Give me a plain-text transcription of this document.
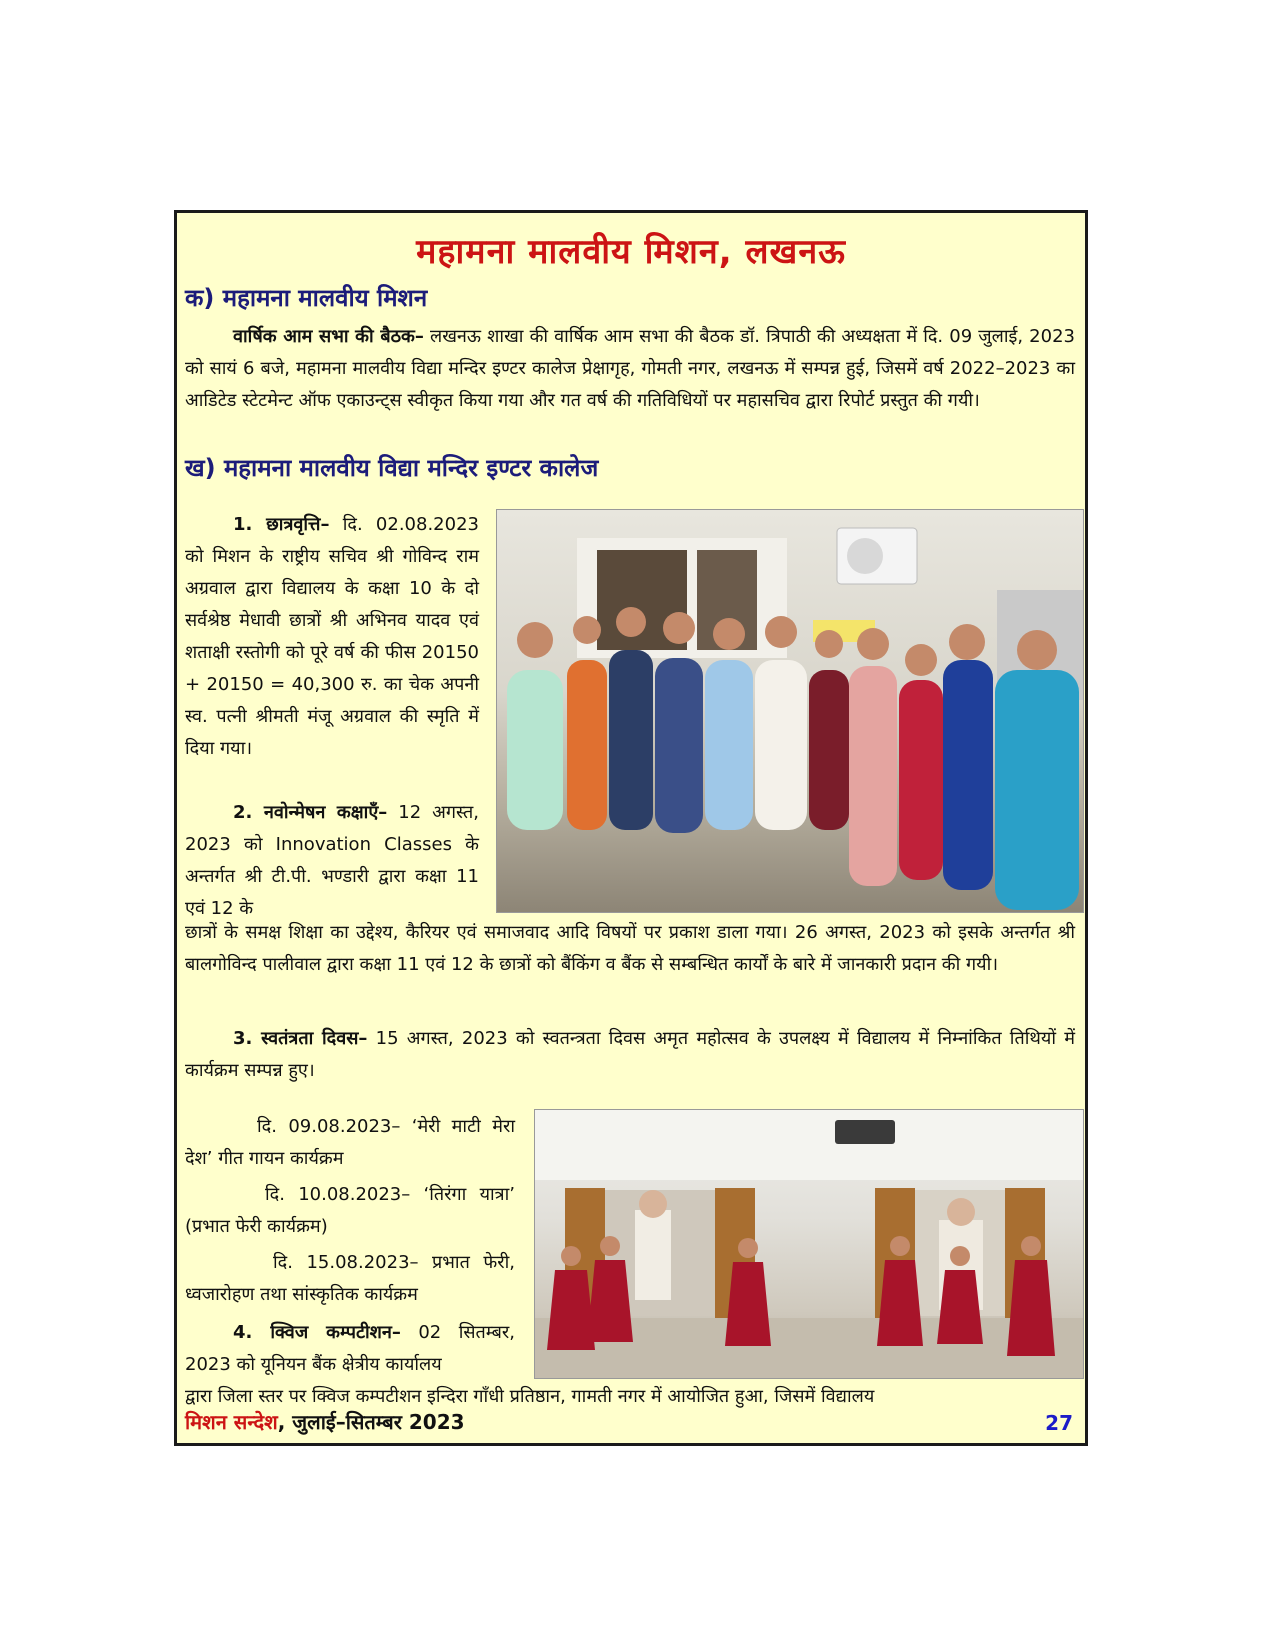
महामना मालवीय मिशन, लखनऊ
क) महामना मालवीय मिशन

वार्षिक आम सभा की बैठक– लखनऊ शाखा की वार्षिक आम सभा की बैठक डॉ. त्रिपाठी की अध्यक्षता में दि. 09 जुलाई, 2023 को सायं 6 बजे, महामना मालवीय विद्या मन्दिर इण्टर कालेज प्रेक्षागृह, गोमती नगर, लखनऊ में सम्पन्न हुई, जिसमें वर्ष 2022–2023 का आडिटेड स्टेटमेन्ट ऑफ एकाउन्ट्स स्वीकृत किया गया और गत वर्ष की गतिविधियों पर महासचिव द्वारा रिपोर्ट प्रस्तुत की गयी।

ख) महामना मालवीय विद्या मन्दिर इण्टर कालेज

1. छात्रवृत्ति– दि. 02.08.2023 को मिशन के राष्ट्रीय सचिव श्री गोविन्द राम अग्रवाल द्वारा विद्यालय के कक्षा 10 के दो सर्वश्रेष्ठ मेधावी छात्रों श्री अभिनव यादव एवं शताक्षी रस्तोगी को पूरे वर्ष की फीस 20150 + 20150 = 40,300 रु. का चेक अपनी स्व. पत्नी श्रीमती मंजू अग्रवाल की स्मृति में दिया गया।

2. नवोन्मेषन कक्षाएँ– 12 अगस्त, 2023 को Innovation Classes के अन्तर्गत श्री टी.पी. भण्डारी द्वारा कक्षा 11 एवं 12 के

छात्रों के समक्ष शिक्षा का उद्देश्य, कैरियर एवं समाजवाद आदि विषयों पर प्रकाश डाला गया। 26 अगस्त, 2023 को इसके अन्तर्गत श्री बालगोविन्द पालीवाल द्वारा कक्षा 11 एवं 12 के छात्रों को बैंकिंग व बैंक से सम्बन्धित कार्यों के बारे में जानकारी प्रदान की गयी।

3. स्वतंत्रता दिवस– 15 अगस्त, 2023 को स्वतन्त्रता दिवस अमृत महोत्सव के उपलक्ष्य में विद्यालय में निम्नांकित तिथियों में कार्यक्रम सम्पन्न हुए।

दि. 09.08.2023– ‘मेरी माटी मेरा देश’ गीत गायन कार्यक्रम

दि. 10.08.2023– ‘तिरंगा यात्रा’ (प्रभात फेरी कार्यक्रम)

दि. 15.08.2023– प्रभात फेरी, ध्वजारोहण तथा सांस्कृतिक कार्यक्रम

4. क्विज कम्पटीशन– 02 सितम्बर, 2023 को यूनियन बैंक क्षेत्रीय कार्यालय

द्वारा जिला स्तर पर क्विज कम्पटीशन इन्दिरा गाँधी प्रतिष्ठान, गामती नगर में आयोजित हुआ, जिसमें विद्यालय

मिशन सन्देश, जुलाई–सितम्बर 2023	27
